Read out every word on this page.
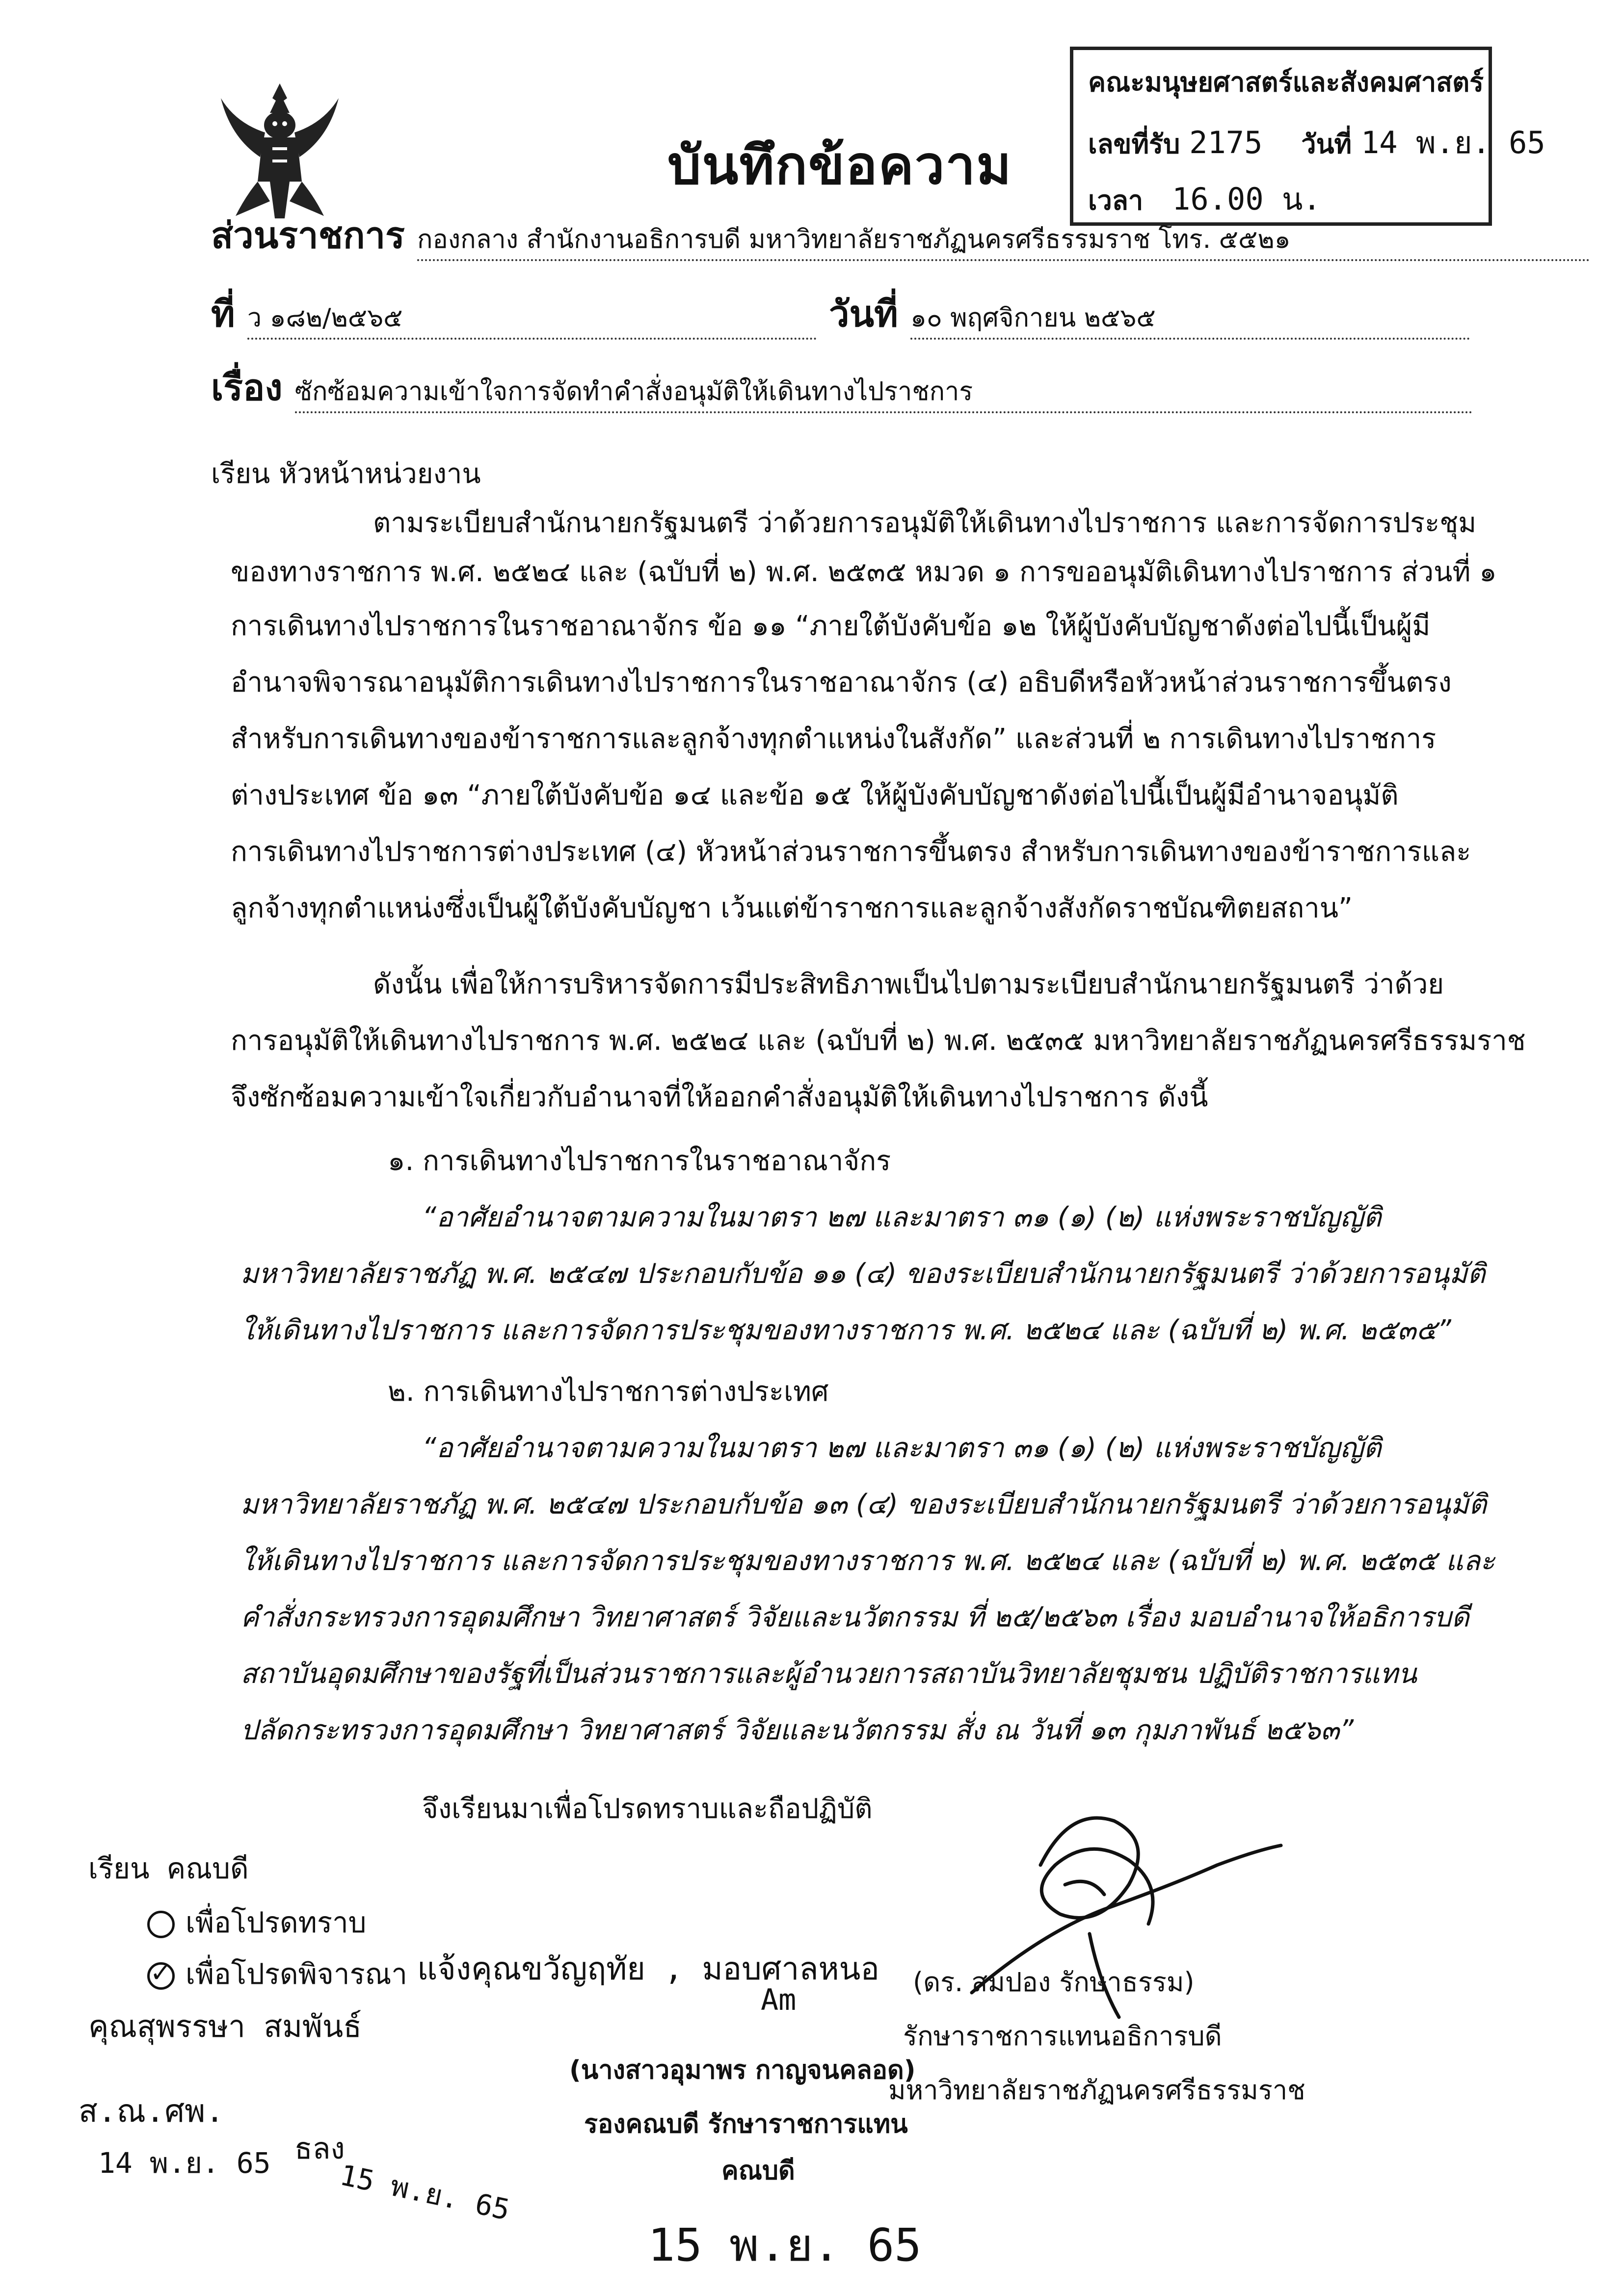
บันทึกข้อความ
คณะมนุษยศาสตร์และสังคมศาสตร์
เลขที่รับ 2175 วันที่ 14 พ.ย. 65
เวลา 16.00 น.
ส่วนราชการ กองกลาง สำนักงานอธิการบดี มหาวิทยาลัยราชภัฏนครศรีธรรมราช โทร. ๕๕๒๑
ที่ ว ๑๘๒/๒๕๖๕	วันที่ ๑๐ พฤศจิกายน ๒๕๖๕
เรื่อง ซักซ้อมความเข้าใจการจัดทำคำสั่งอนุมัติให้เดินทางไปราชการ
เรียน หัวหน้าหน่วยงาน
ตามระเบียบสำนักนายกรัฐมนตรี ว่าด้วยการอนุมัติให้เดินทางไปราชการ และการจัดการประชุม
ของทางราชการ พ.ศ. ๒๕๒๔ และ (ฉบับที่ ๒) พ.ศ. ๒๕๓๕ หมวด ๑ การขออนุมัติเดินทางไปราชการ ส่วนที่ ๑
การเดินทางไปราชการในราชอาณาจักร ข้อ ๑๑ “ภายใต้บังคับข้อ ๑๒ ให้ผู้บังคับบัญชาดังต่อไปนี้เป็นผู้มี
อำนาจพิจารณาอนุมัติการเดินทางไปราชการในราชอาณาจักร (๔) อธิบดีหรือหัวหน้าส่วนราชการขึ้นตรง
สำหรับการเดินทางของข้าราชการและลูกจ้างทุกตำแหน่งในสังกัด” และส่วนที่ ๒ การเดินทางไปราชการ
ต่างประเทศ ข้อ ๑๓ “ภายใต้บังคับข้อ ๑๔ และข้อ ๑๕ ให้ผู้บังคับบัญชาดังต่อไปนี้เป็นผู้มีอำนาจอนุมัติ
การเดินทางไปราชการต่างประเทศ (๔) หัวหน้าส่วนราชการขึ้นตรง สำหรับการเดินทางของข้าราชการและ
ลูกจ้างทุกตำแหน่งซึ่งเป็นผู้ใต้บังคับบัญชา เว้นแต่ข้าราชการและลูกจ้างสังกัดราชบัณฑิตยสถาน”
ดังนั้น เพื่อให้การบริหารจัดการมีประสิทธิภาพเป็นไปตามระเบียบสำนักนายกรัฐมนตรี ว่าด้วย
การอนุมัติให้เดินทางไปราชการ พ.ศ. ๒๕๒๔ และ (ฉบับที่ ๒) พ.ศ. ๒๕๓๕ มหาวิทยาลัยราชภัฏนครศรีธรรมราช
จึงซักซ้อมความเข้าใจเกี่ยวกับอำนาจที่ให้ออกคำสั่งอนุมัติให้เดินทางไปราชการ ดังนี้
๑. การเดินทางไปราชการในราชอาณาจักร
“อาศัยอำนาจตามความในมาตรา ๒๗ และมาตรา ๓๑ (๑) (๒) แห่งพระราชบัญญัติ
มหาวิทยาลัยราชภัฏ พ.ศ. ๒๕๔๗ ประกอบกับข้อ ๑๑ (๔) ของระเบียบสำนักนายกรัฐมนตรี ว่าด้วยการอนุมัติ
ให้เดินทางไปราชการ และการจัดการประชุมของทางราชการ พ.ศ. ๒๕๒๔ และ (ฉบับที่ ๒) พ.ศ. ๒๕๓๕”
๒. การเดินทางไปราชการต่างประเทศ
“อาศัยอำนาจตามความในมาตรา ๒๗ และมาตรา ๓๑ (๑) (๒) แห่งพระราชบัญญัติ
มหาวิทยาลัยราชภัฏ พ.ศ. ๒๕๔๗ ประกอบกับข้อ ๑๓ (๔) ของระเบียบสำนักนายกรัฐมนตรี ว่าด้วยการอนุมัติ
ให้เดินทางไปราชการ และการจัดการประชุมของทางราชการ พ.ศ. ๒๕๒๔ และ (ฉบับที่ ๒) พ.ศ. ๒๕๓๕ และ
คำสั่งกระทรวงการอุดมศึกษา วิทยาศาสตร์ วิจัยและนวัตกรรม ที่ ๒๕/๒๕๖๓ เรื่อง มอบอำนาจให้อธิการบดี
สถาบันอุดมศึกษาของรัฐที่เป็นส่วนราชการและผู้อำนวยการสถาบันวิทยาลัยชุมชน ปฏิบัติราชการแทน
ปลัดกระทรวงการอุดมศึกษา วิทยาศาสตร์ วิจัยและนวัตกรรม สั่ง ณ วันที่ ๑๓ กุมภาพันธ์ ๒๕๖๓”
จึงเรียนมาเพื่อโปรดทราบและถือปฏิบัติ
(ดร. สมปอง รักษาธรรม)
รักษาราชการแทนอธิการบดี
มหาวิทยาลัยราชภัฏนครศรีธรรมราช
เรียน คณบดี
เพื่อโปรดทราบ
✓ เพื่อโปรดพิจารณา แจ้งคุณขวัญฤทัย , มอบศาลหนอ
คุณสุพรรษา สมพันธ์
Am
ส.ณ.ศพ.
14 พ.ย. 65 ธลง
15 พ.ย. 65
(นางสาวอุมาพร กาญจนคลอด)
รองคณบดี รักษาราชการแทน
คณบดี
15 พ.ย. 65
